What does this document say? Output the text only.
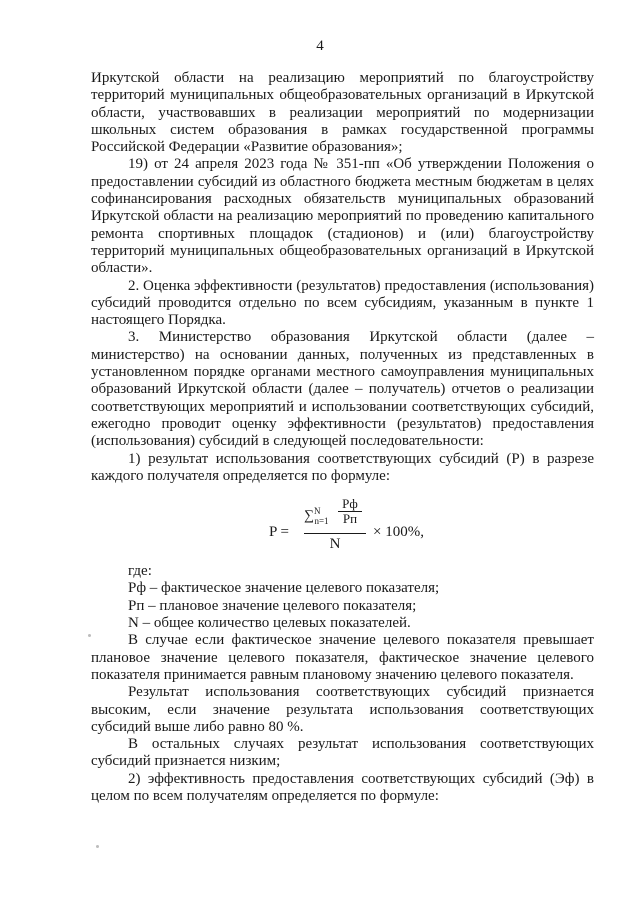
4

Иркутской области на реализацию мероприятий по благоустройству территорий муниципальных общеобразовательных организаций в Иркутской области, участвовавших в реализации мероприятий по модернизации школьных систем образования в рамках государственной программы Российской Федерации «Развитие образования»;

19) от 24 апреля 2023 года № 351-пп «Об утверждении Положения о предоставлении субсидий из областного бюджета местным бюджетам в целях софинансирования расходных обязательств муниципальных образований Иркутской области на реализацию мероприятий по проведению капитального ремонта спортивных площадок (стадионов) и (или) благоустройству территорий муниципальных общеобразовательных организаций в Иркутской области».

2. Оценка эффективности (результатов) предоставления (использования) субсидий проводится отдельно по всем субсидиям, указанным в пункте 1 настоящего Порядка.

3. Министерство образования Иркутской области (далее – министерство) на основании данных, полученных из представленных в установленном порядке органами местного самоуправления муниципальных образований Иркутской области (далее – получатель) отчетов о реализации соответствующих мероприятий и использовании соответствующих субсидий, ежегодно проводит оценку эффективности (результатов) предоставления (использования) субсидий в следующей последовательности:

1) результат использования соответствующих субсидий (Р) в разрезе каждого получателя определяется по формуле:

P =
∑$^N_{n=1}$
Pф
Pп
N
× 100%,

где:

Рф – фактическое значение целевого показателя;

Рп – плановое значение целевого показателя;

N – общее количество целевых показателей.

В случае если фактическое значение целевого показателя превышает плановое значение целевого показателя, фактическое значение целевого показателя принимается равным плановому значению целевого показателя.

Результат использования соответствующих субсидий признается высоким, если значение результата использования соответствующих субсидий выше либо равно 80 %.

В остальных случаях результат использования соответствующих субсидий признается низким;

2) эффективность предоставления соответствующих субсидий (Эф) в целом по всем получателям определяется по формуле:
